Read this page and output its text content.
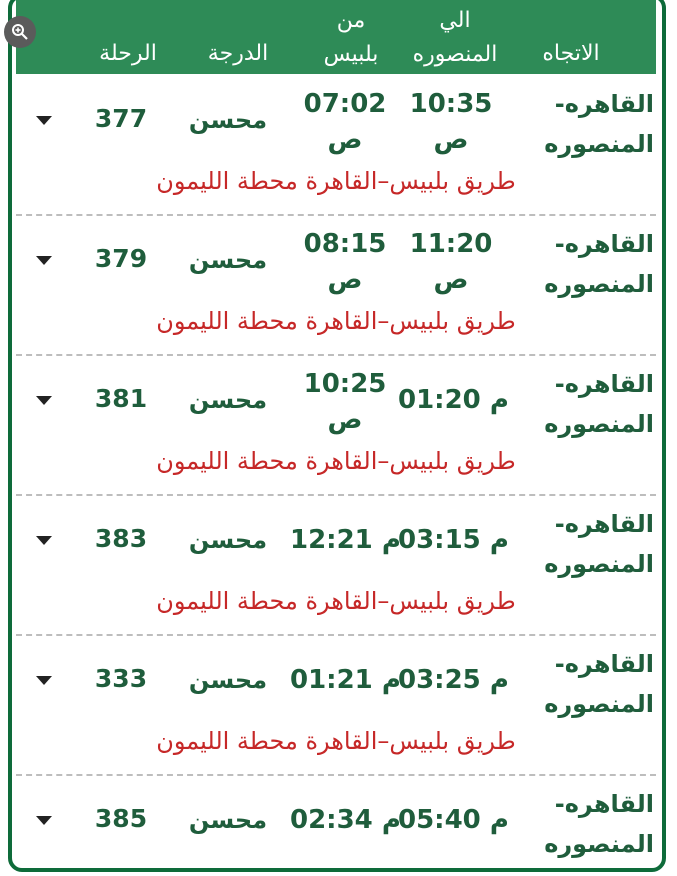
الاتجاه
الي
المنصوره
من
بلبيس
الدرجة
الرحلة
القاهره-المنصوره
10:35
ص
07:02
ص
محسن
377
طريق بلبيس–القاهرة محطة الليمون
القاهره-المنصوره
11:20
ص
08:15
ص
محسن
379
طريق بلبيس–القاهرة محطة الليمون
القاهره-المنصوره
01:20 م
10:25
ص
محسن
381
طريق بلبيس–القاهرة محطة الليمون
القاهره-المنصوره
03:15 م
12:21 م
محسن
383
طريق بلبيس–القاهرة محطة الليمون
القاهره-المنصوره
03:25 م
01:21 م
محسن
333
طريق بلبيس–القاهرة محطة الليمون
القاهره-المنصوره
05:40 م
02:34 م
محسن
385
